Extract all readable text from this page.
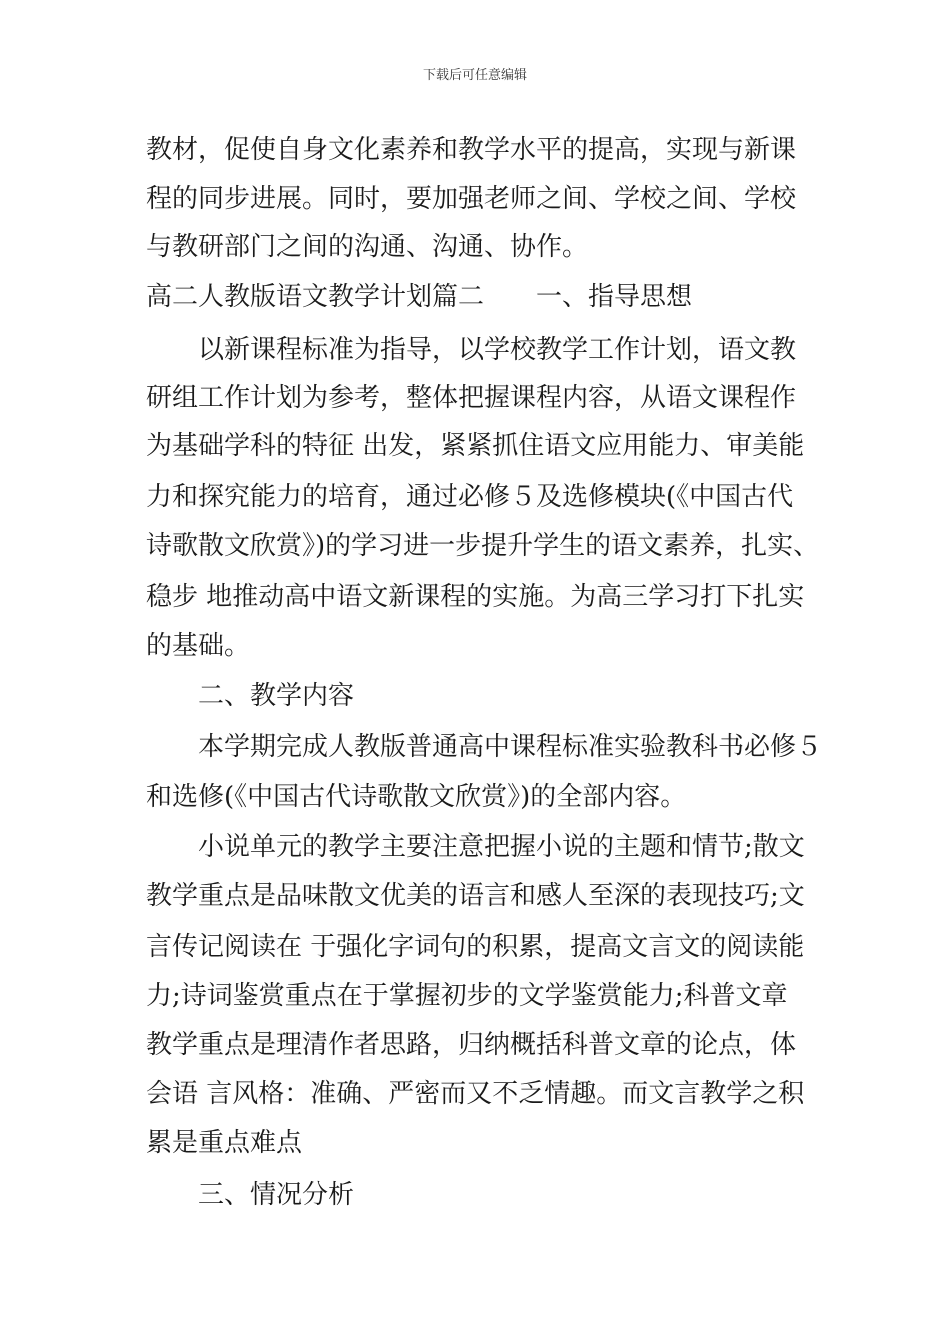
下载后可任意编辑
教材，促使自身文化素养和教学水平的提高，实现与新课
程的同步进展。同时，要加强老师之间、学校之间、学校
与教研部门之间的沟通、沟通、协作。
高二人教版语文教学计划篇二　　一、指导思想
　　以新课程标准为指导，以学校教学工作计划，语文教
研组工作计划为参考，整体把握课程内容，从语文课程作
为基础学科的特征 出发，紧紧抓住语文应用能力、审美能
力和探究能力的培育，通过必修５及选修模块(《中国古代
诗歌散文欣赏》)的学习进一步提升学生的语文素养，扎实、
稳步 地推动高中语文新课程的实施。为高三学习打下扎实
的基础。
　　二、教学内容
　　本学期完成人教版普通高中课程标准实验教科书必修５
和选修(《中国古代诗歌散文欣赏》)的全部内容。
　　小说单元的教学主要注意把握小说的主题和情节;散文
教学重点是品味散文优美的语言和感人至深的表现技巧;文
言传记阅读在 于强化字词句的积累，提高文言文的阅读能
力;诗词鉴赏重点在于掌握初步的文学鉴赏能力;科普文章
教学重点是理清作者思路，归纳概括科普文章的论点，体
会语 言风格：准确、严密而又不乏情趣。而文言教学之积
累是重点难点
　　三、情况分析
